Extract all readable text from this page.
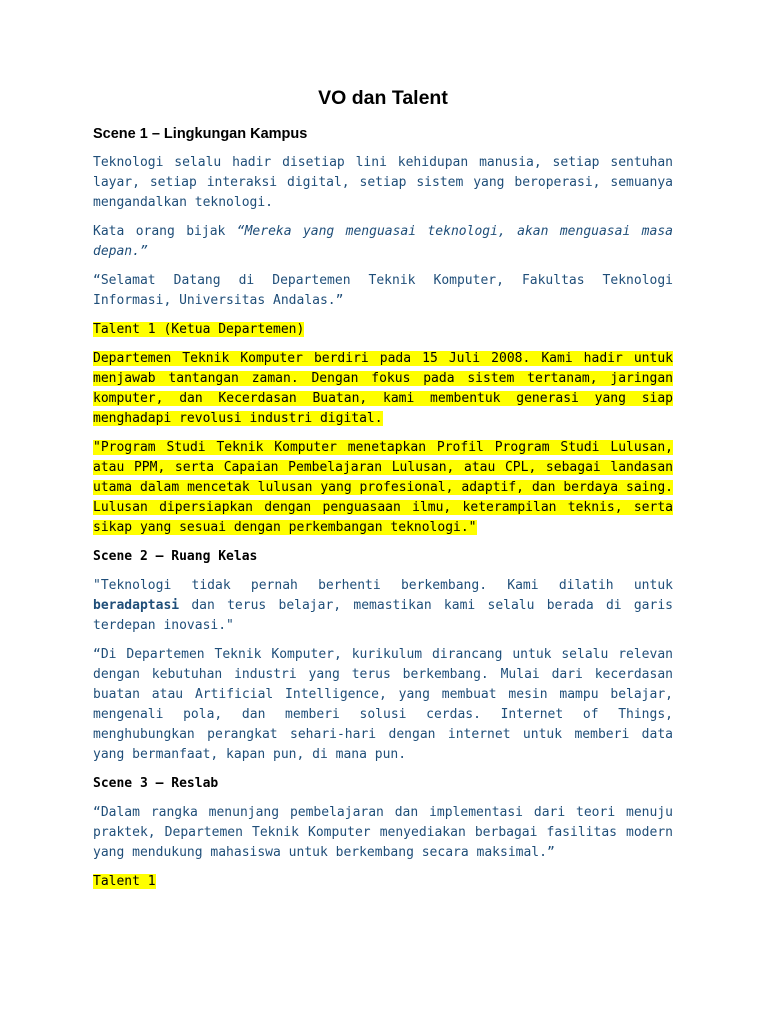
VO dan Talent
Scene 1 – Lingkungan Kampus

Teknologi selalu hadir disetiap lini kehidupan manusia, setiap sentuhan layar, setiap interaksi digital, setiap sistem yang beroperasi, semuanya mengandalkan teknologi.

Kata orang bijak “Mereka yang menguasai teknologi, akan menguasai masa depan.”

“Selamat Datang di Departemen Teknik Komputer, Fakultas Teknologi Informasi, Universitas Andalas.”

Talent 1 (Ketua Departemen)

Departemen Teknik Komputer berdiri pada 15 Juli 2008. Kami hadir untuk menjawab tantangan zaman. Dengan fokus pada sistem tertanam, jaringan komputer, dan Kecerdasan Buatan, kami membentuk generasi yang siap menghadapi revolusi industri digital.

"Program Studi Teknik Komputer menetapkan Profil Program Studi Lulusan, atau PPM, serta Capaian Pembelajaran Lulusan, atau CPL, sebagai landasan utama dalam mencetak lulusan yang profesional, adaptif, dan berdaya saing. Lulusan dipersiapkan dengan penguasaan ilmu, keterampilan teknis, serta sikap yang sesuai dengan perkembangan teknologi."

Scene 2 – Ruang Kelas

"Teknologi tidak pernah berhenti berkembang. Kami dilatih untuk beradaptasi dan terus belajar, memastikan kami selalu berada di garis terdepan inovasi."

“Di Departemen Teknik Komputer, kurikulum dirancang untuk selalu relevan dengan kebutuhan industri yang terus berkembang. Mulai dari kecerdasan buatan atau Artificial Intelligence, yang membuat mesin mampu belajar, mengenali pola, dan memberi solusi cerdas. Internet of Things, menghubungkan perangkat sehari-hari dengan internet untuk memberi data yang bermanfaat, kapan pun, di mana pun.

Scene 3 – Reslab

“Dalam rangka menunjang pembelajaran dan implementasi dari teori menuju praktek, Departemen Teknik Komputer menyediakan berbagai fasilitas modern yang mendukung mahasiswa untuk berkembang secara maksimal.”

Talent 1
